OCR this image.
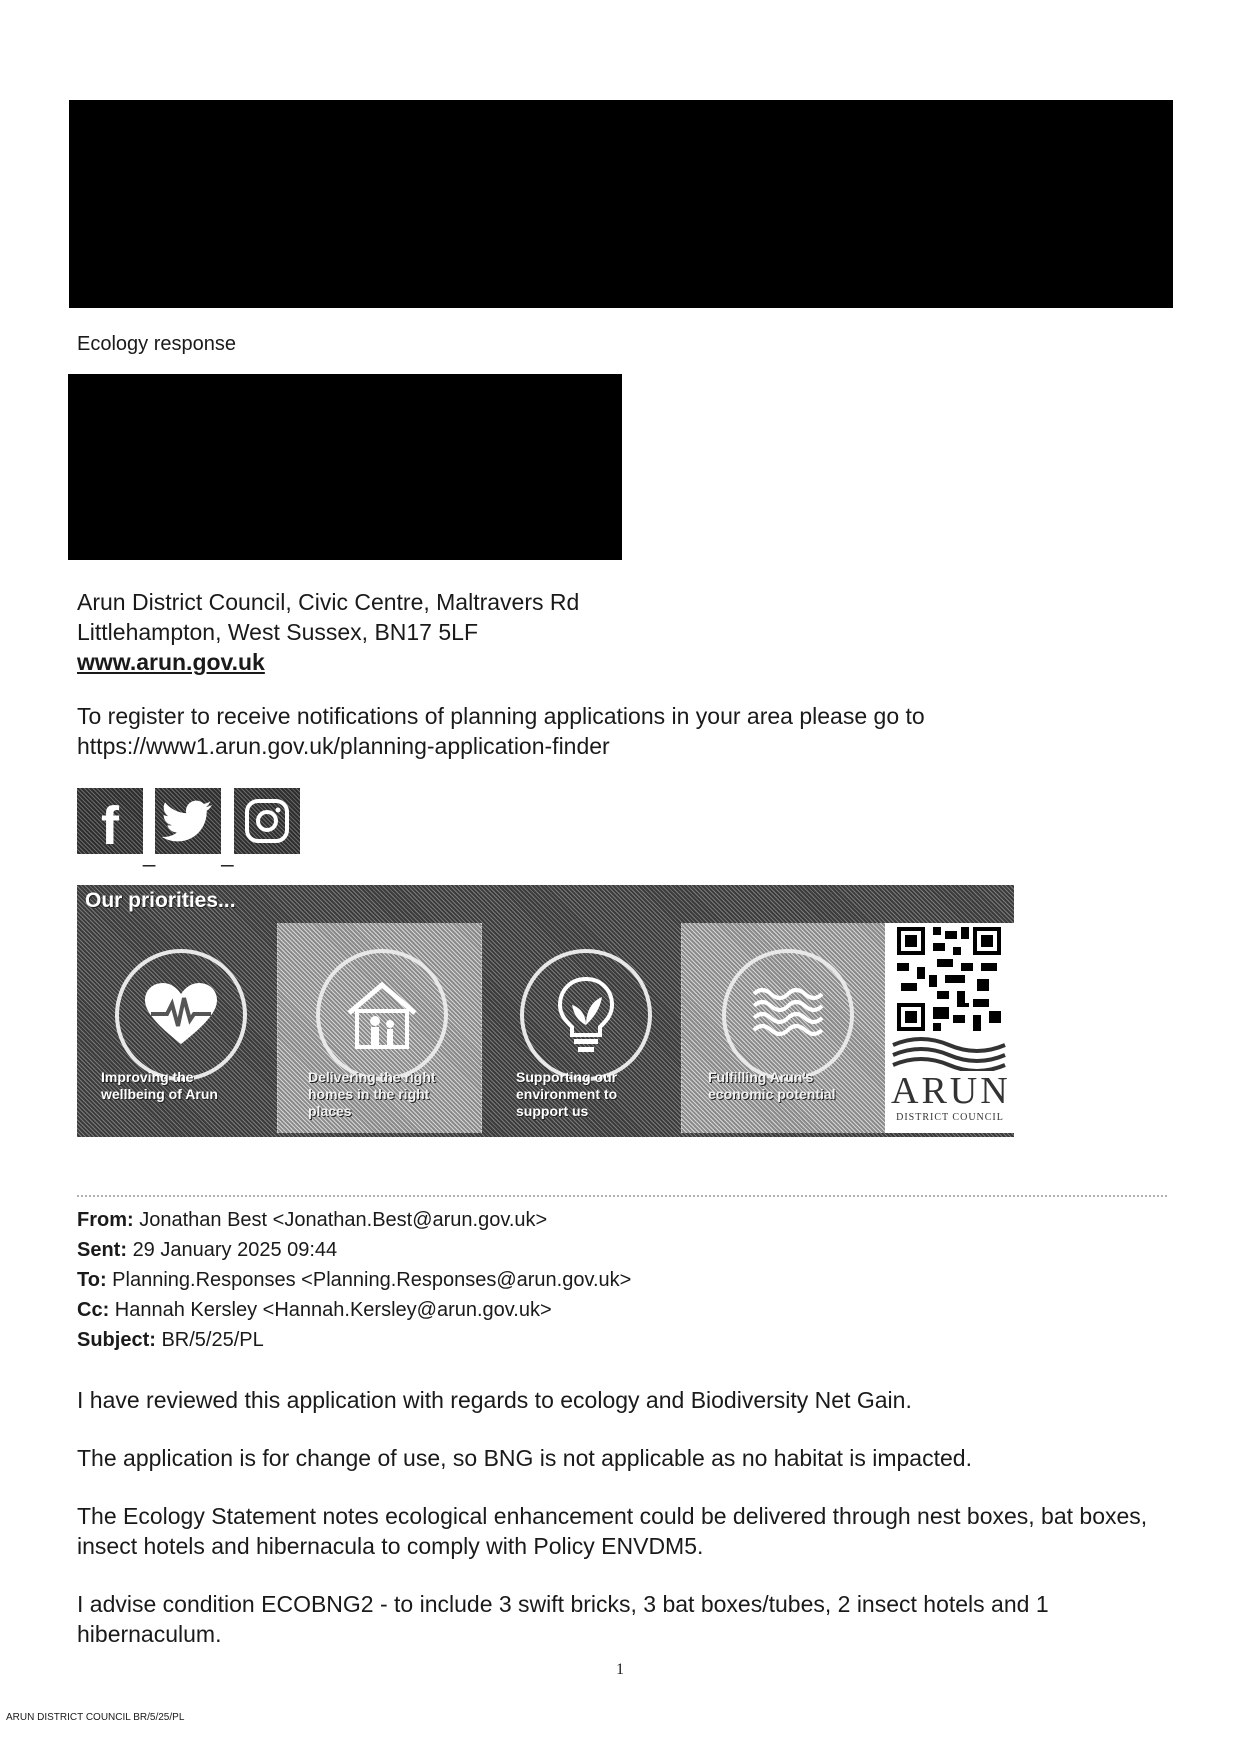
Ecology response
Arun District Council, Civic Centre, Maltravers Rd
Littlehampton, West Sussex, BN17 5LF
www.arun.gov.uk
To register to receive notifications of planning applications in your area please go to
https://www1.arun.gov.uk/planning-application-finder
f _	_
Our priorities...
Improving the wellbeing of Arun
Delivering the right homes in the right places
Supporting our environment to support us
Fulfilling Arun's economic potential	ARUN
DISTRICT COUNCIL
From: Jonathan Best <Jonathan.Best@arun.gov.uk>
Sent: 29 January 2025 09:44
To: Planning.Responses <Planning.Responses@arun.gov.uk>
Cc: Hannah Kersley <Hannah.Kersley@arun.gov.uk>
Subject: BR/5/25/PL

I have reviewed this application with regards to ecology and Biodiversity Net Gain.

The application is for change of use, so BNG is not applicable as no habitat is impacted.

The Ecology Statement notes ecological enhancement could be delivered through nest boxes, bat boxes, insect hotels and hibernacula to comply with Policy ENVDM5.

I advise condition ECOBNG2 - to include 3 swift bricks, 3 bat boxes/tubes, 2 insect hotels and 1 hibernaculum.

1
ARUN DISTRICT COUNCIL BR/5/25/PL
